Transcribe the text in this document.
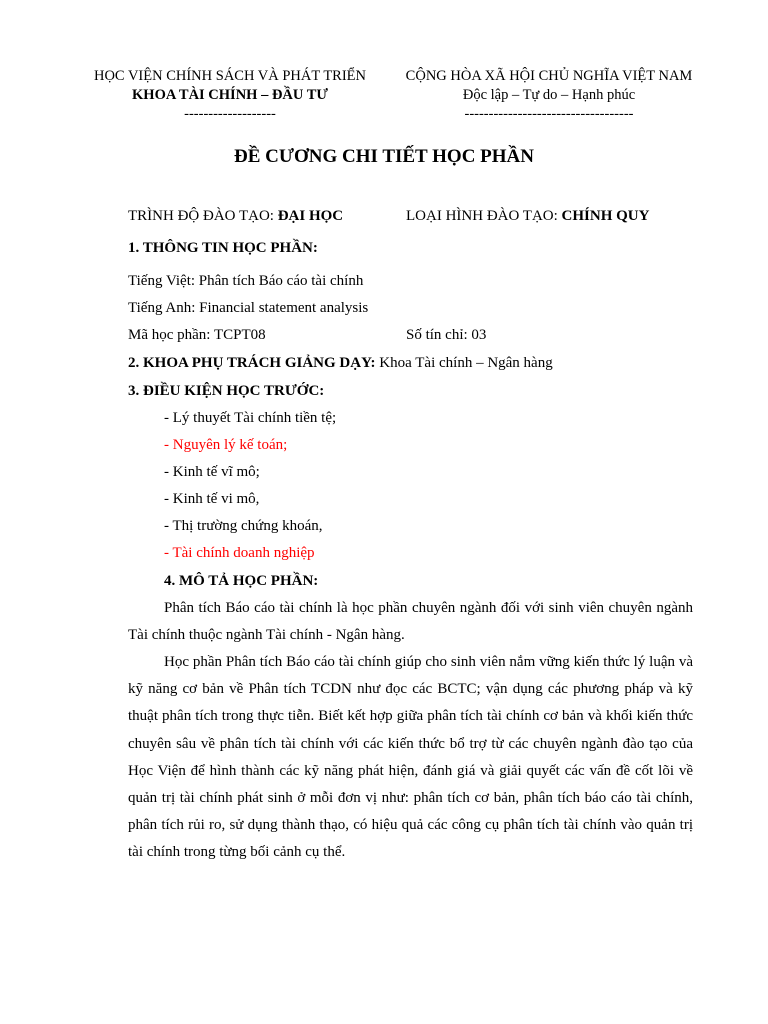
HỌC VIỆN CHÍNH SÁCH VÀ PHÁT TRIỂN
KHOA TÀI CHÍNH – ĐẦU TƯ
-------------------
CỘNG HÒA XÃ HỘI CHỦ NGHĨA VIỆT NAM
Độc lập – Tự do – Hạnh phúc
-----------------------------------
ĐỀ CƯƠNG CHI TIẾT HỌC PHẦN
TRÌNH ĐỘ ĐÀO TẠO: ĐẠI HỌC	LOẠI HÌNH ĐÀO TẠO: CHÍNH QUY
1. THÔNG TIN HỌC PHẦN:
Tiếng Việt: Phân tích Báo cáo tài chính
Tiếng Anh: Financial statement analysis
Mã học phần: TCPT08	Số tín chỉ: 03
2. KHOA PHỤ TRÁCH GIẢNG DẠY: Khoa Tài chính – Ngân hàng
3. ĐIỀU KIỆN HỌC TRƯỚC:
- Lý thuyết Tài chính tiền tệ;
- Nguyên lý kế toán;
- Kinh tế vĩ mô;
- Kinh tế vi mô,
- Thị trường chứng khoán,
- Tài chính doanh nghiệp
4. MÔ TẢ HỌC PHẦN:
Phân tích Báo cáo tài chính là học phần chuyên ngành đối với sinh viên chuyên ngành Tài chính thuộc ngành Tài chính - Ngân hàng.
Học phần Phân tích Báo cáo tài chính giúp cho sinh viên nắm vững kiến thức lý luận và kỹ năng cơ bản về Phân tích TCDN như đọc các BCTC; vận dụng các phương pháp và kỹ thuật phân tích trong thực tiễn. Biết kết hợp giữa phân tích tài chính cơ bản và khối kiến thức chuyên sâu về phân tích tài chính với các kiến thức bổ trợ từ các chuyên ngành đào tạo của Học Viện để hình thành các kỹ năng phát hiện, đánh giá và giải quyết các vấn đề cốt lõi về quản trị tài chính phát sinh ở mỗi đơn vị như: phân tích cơ bản, phân tích báo cáo tài chính, phân tích rủi ro, sử dụng thành thạo, có hiệu quả các công cụ phân tích tài chính vào quản trị tài chính trong từng bối cảnh cụ thể.
